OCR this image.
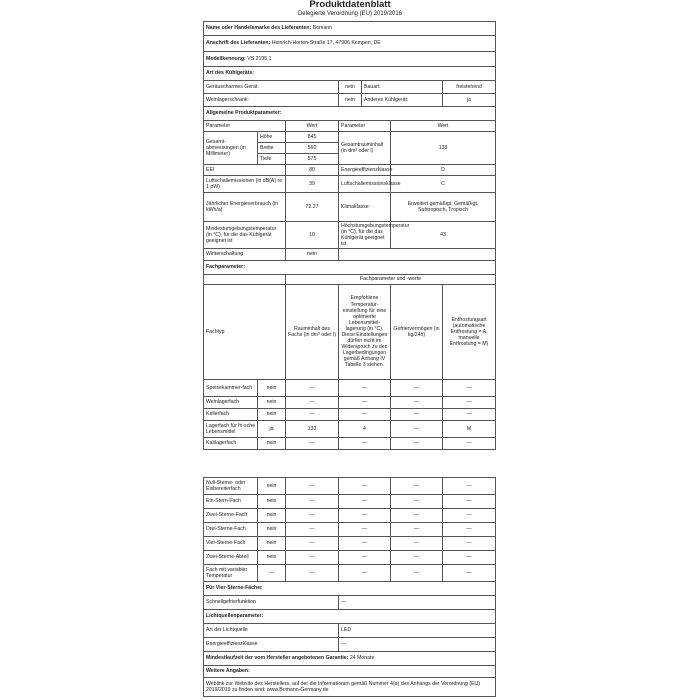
Produktdatenblatt
Delegierte Verordnung (EU) 2019/2016
Name oder Handelsmarke des Lieferanten: Bomann						
Anschrift des Lieferanten: Heinrich-Horten-Straße 17, 47906 Kempen, DE						
Modellkennung: VS 2195.1						
Art des Kühlgeräts:						
Geräuscharmes Gerät:			nein	Bauart:		freistehend
Weinlagerschrank:			nein	Anderes Kühlgerät:		ja
Allgemeine Produktparameter:						
Parameter		Wert	Parameter		Wert	
Gesamt-abmessungen (in Millimeter)	Höhe	845	Gesamtrauminhalt (in dm³ oder l)		133	
	Breite	560				
	Tiefe	575				
EEI		80	Energieeffizienzklasse		D	
Luftschallemissionen (in dB(A) re 1 pW)		39	Luftschallemissionsklasse		C	
Jährlicher Energieverbrauch (in kWh/a)		72.27	Klimaklasse:		Erweitert gemäßigt, Gemäßigt, Subtropisch, Tropisch	
Mindestumgebungstemperatur (in °C), für die das Kühlgerät geeignet ist		10	Höchstumgebungstemperatur (in °C), für die das Kühlgerät geeignet ist		43	
Winterschaltung		nein				
Fachparameter:						
		Fachparameter und -werte				
Fachtyp		Rauminhalt des Fachs (in dm³ oder l)	Empfohlene Temperatur-einstellung für eine optimierte Lebensmittel-lagerung (in °C). Diese Einstellungen dürfen nicht im Widerspruch zu den Lagerbedingungen gemäß Anhang IV Tabelle 3 stehen.		Gefriervermögen (in kg/24h)	Entfrostungsart (automatische Entfrostung = A, manuelle Entfrostung = M)
Speisekammer-fach	nein	—	—		—	—
Weinlagerfach	nein	—	—		—	—
Kellerfach	nein	—	—		—	—
Lagerfach für fri-sche Lebensmittel	ja	133	4		—	M
Kaltlagerfach	nein	—	—		—	—
Null-Sterne- oder Eisbereiterfach	nein	—	—	—	—
Ein-Stern-Fach	nein	—	—	—	—
Zwei-Sterne-Fach	nein	—	—	—	—
Drei-Sterne-Fach	nein	—	—	—	—
Vier-Sterne-Fach	nein	—	—	—	—
Zwei-Sterne-Abteil	nein	—	—	—	—
Fach mit variabler Temperatur	—	—	—	—	—
Für Vier-Sterne-Fächer					
Schnellgefrierfunktion			—		
Lichtquellenparameter:					
Art der Lichtquelle			LED		
Energieeffizienzklasse			—		
Mindestlaufzeit der vom Hersteller angebotenen Garantie: 24 Monate					
Weitere Angaben:					
Weblink zur Website des Herstellers, auf der die Informationen gemäß Nummer 4(a) des Anhangs der Verordnung (EU) 2019/2019 zu finden sind: www.Bomann-Germany.de					
